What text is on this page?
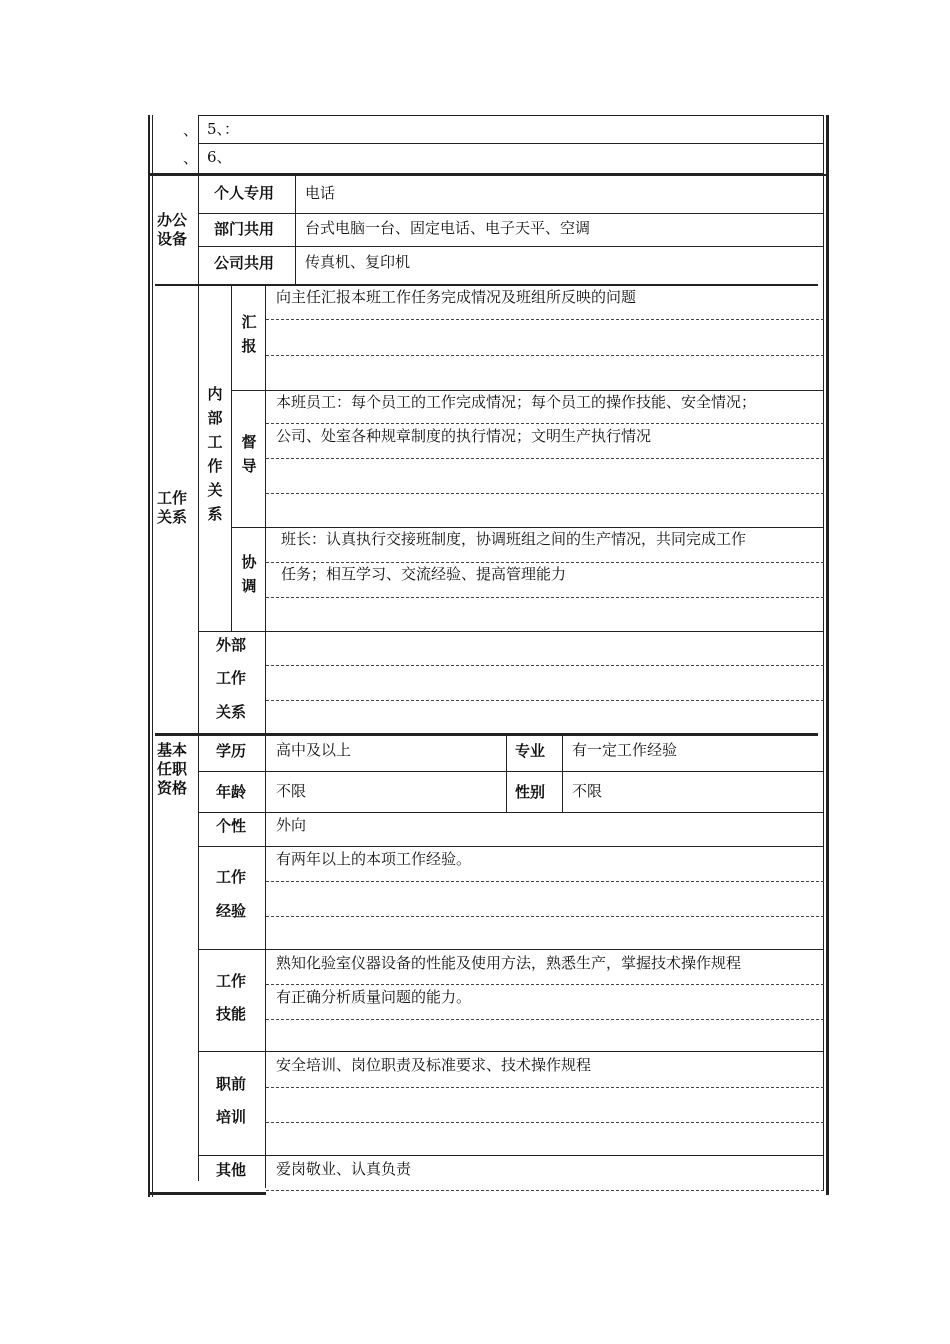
、 5、：
、 6、
办公
设备
个人专用 电话
部门共用 台式电脑一台、固定电话、电子天平、空调
公司共用 传真机、复印机
工作
关系
内
部
工
作
关
系
汇
报
向主任汇报本班工作任务完成情况及班组所反映的问题
督
导
本班员工：每个员工的工作完成情况；每个员工的操作技能、安全情况；
公司、处室各种规章制度的执行情况；文明生产执行情况
协
调
班长：认真执行交接班制度，协调班组之间的生产情况，共同完成工作
任务；相互学习、交流经验、提高管理能力
外部
工作
关系
基本
任职
资格
学历 高中及以上	专业 有一定工作经验
年龄 不限	性别 不限
个性 外向
工作
经验
有两年以上的本项工作经验。
工作
技能
熟知化验室仪器设备的性能及使用方法，熟悉生产，掌握技术操作规程
有正确分析质量问题的能力。
职前
培训
安全培训、岗位职责及标准要求、技术操作规程
其他 爱岗敬业、认真负责
